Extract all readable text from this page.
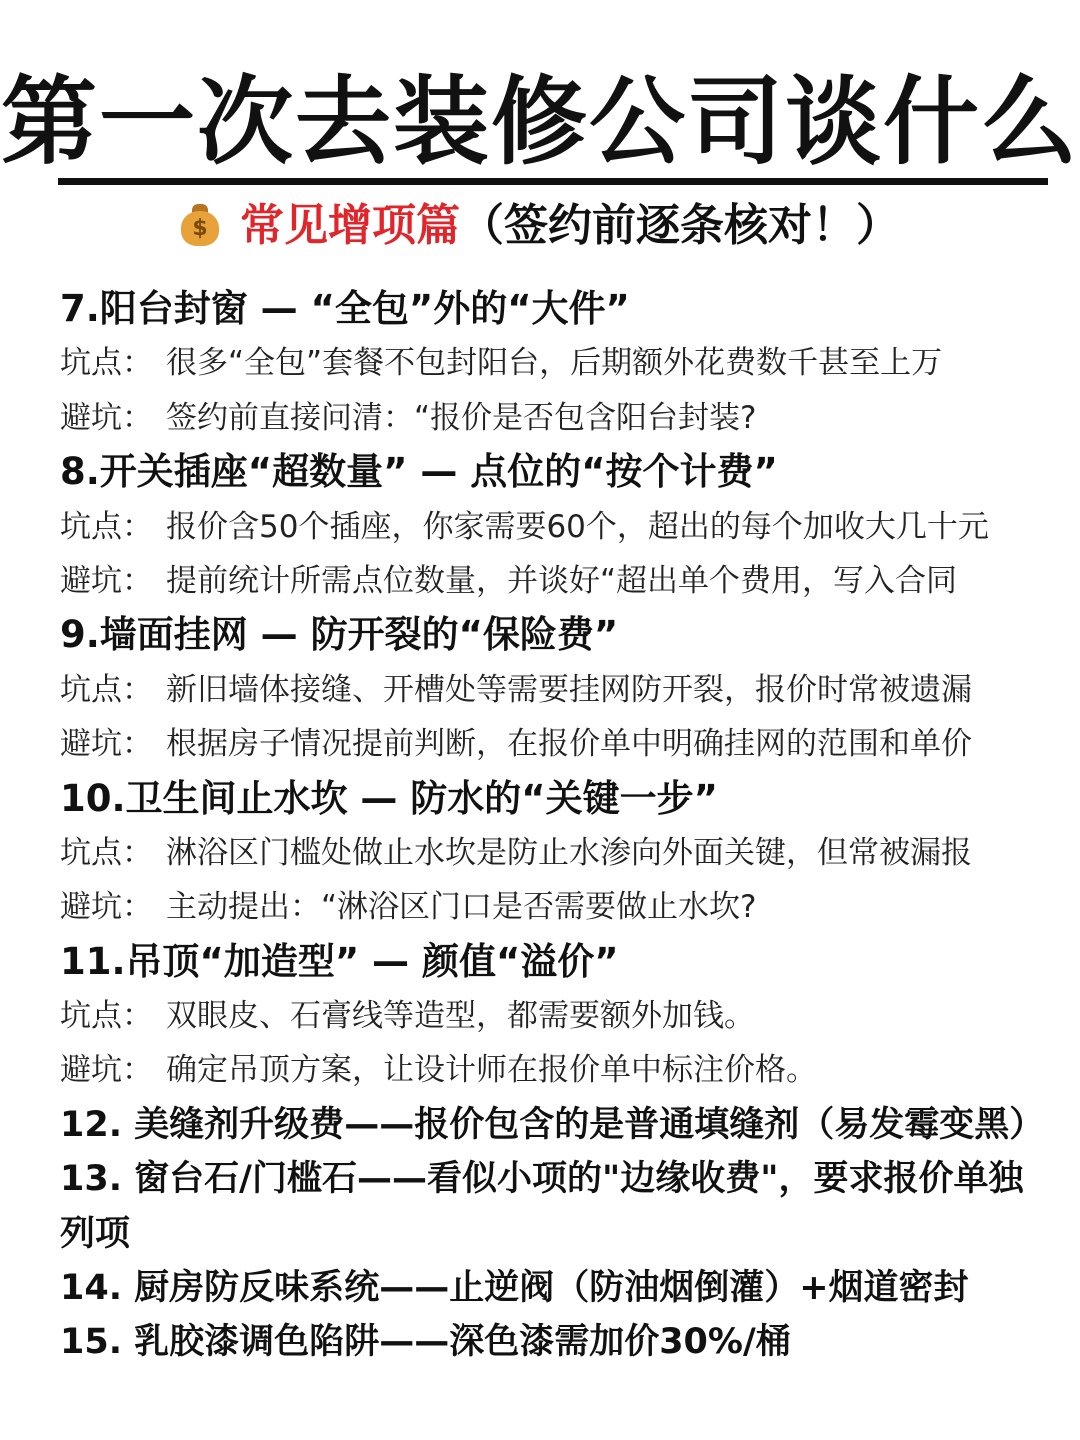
第一次去装修公司谈什么
$ 常见增项篇（签约前逐条核对！）
7.阳台封窗 — “全包”外的“大件”
坑点： 很多“全包”套餐不包封阳台，后期额外花费数千甚至上万
避坑： 签约前直接问清：“报价是否包含阳台封装?
8.开关插座“超数量” — 点位的“按个计费”
坑点： 报价含50个插座，你家需要60个，超出的每个加收大几十元
避坑： 提前统计所需点位数量，并谈好“超出单个费用，写入合同
9.墙面挂网 — 防开裂的“保险费”
坑点： 新旧墙体接缝、开槽处等需要挂网防开裂，报价时常被遗漏
避坑： 根据房子情况提前判断，在报价单中明确挂网的范围和单价
10.卫生间止水坎 — 防水的“关键一步”
坑点： 淋浴区门槛处做止水坎是防止水渗向外面关键，但常被漏报
避坑： 主动提出：“淋浴区门口是否需要做止水坎?
11.吊顶“加造型” — 颜值“溢价”
坑点： 双眼皮、石膏线等造型，都需要额外加钱。
避坑： 确定吊顶方案，让设计师在报价单中标注价格。
12. 美缝剂升级费——报价包含的是普通填缝剂（易发霉变黑）
13. 窗台石/门槛石——看似小项的"边缘收费"，要求报价单独
列项
14. 厨房防反味系统——止逆阀（防油烟倒灌）+烟道密封
15. 乳胶漆调色陷阱——深色漆需加价30%/桶
